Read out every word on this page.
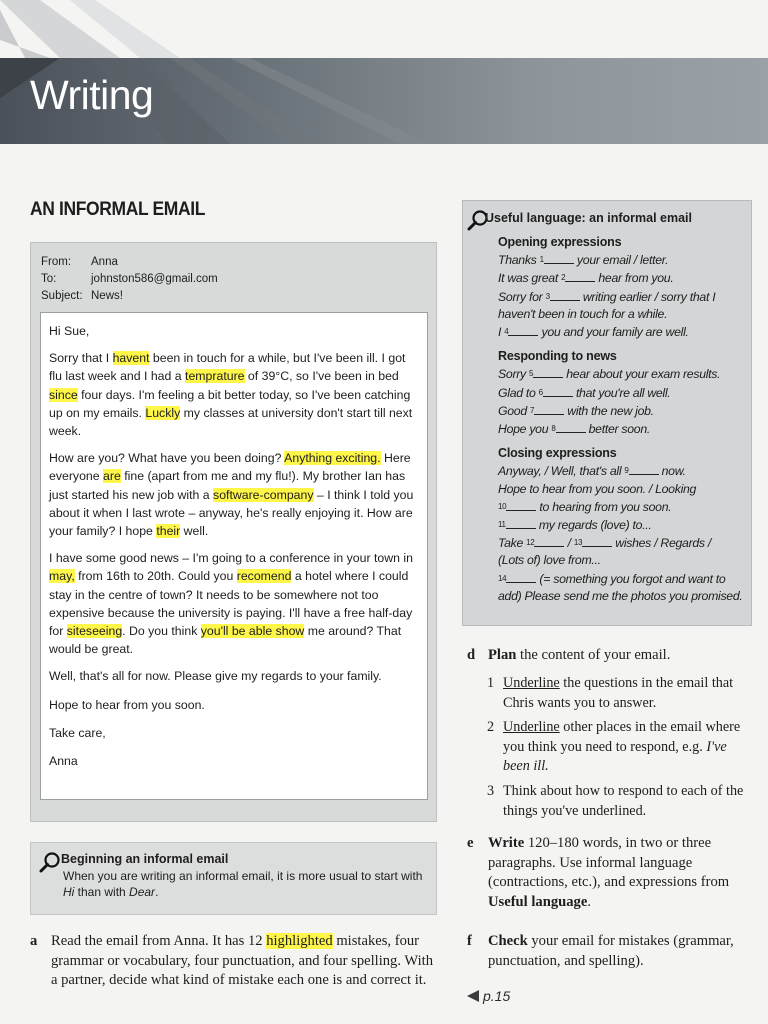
Writing
AN INFORMAL EMAIL
From:	Anna
To:	johnston586@gmail.com
Subject: News!

Hi Sue,

Sorry that I havent been in touch for a while, but I've been ill. I got flu last week and I had a temprature of 39°C, so I've been in bed since four days. I'm feeling a bit better today, so I've been catching up on my emails. Luckly my classes at university don't start till next week.

How are you? What have you been doing? Anything exciting. Here everyone are fine (apart from me and my flu!). My brother Ian has just started his new job with a software-company – I think I told you about it when I last wrote – anyway, he's really enjoying it. How are your family? I hope their well.

I have some good news – I'm going to a conference in your town in may, from 16th to 20th. Could you recomend a hotel where I could stay in the centre of town? It needs to be somewhere not too expensive because the university is paying. I'll have a free half-day for siteseeing. Do you think you'll be able show me around? That would be great.

Well, that's all for now. Please give my regards to your family.

Hope to hear from you soon.

Take care,

Anna

Beginning an informal email
When you are writing an informal email, it is more usual to start with Hi than with Dear.
a Read the email from Anna. It has 12 highlighted mistakes, four grammar or vocabulary, four punctuation, and four spelling. With a partner, decide what kind of mistake each one is and correct it.
Useful language: an informal email
Opening expressions
Thanks 1 your email / letter.
It was great 2 hear from you.
Sorry for 3 writing earlier / sorry that I haven't been in touch for a while.
I 4 you and your family are well.
Responding to news
Sorry 5 hear about your exam results.
Glad to 6 that you're all well.
Good 7 with the new job.
Hope you 8 better soon.
Closing expressions
Anyway, / Well, that's all 9 now.
Hope to hear from you soon. / Looking
10 to hearing from you soon.
11 my regards (love) to...
Take 12 / 13 wishes / Regards /
(Lots of) love from...
14 (= something you forgot and want to add) Please send me the photos you promised.
d Plan the content of your email.
1 Underline the questions in the email that Chris wants you to answer.
2 Underline other places in the email where you think you need to respond, e.g. I've been ill.
3 Think about how to respond to each of the things you've underlined.
e Write 120–180 words, in two or three paragraphs. Use informal language (contractions, etc.), and expressions from Useful language.
f Check your email for mistakes (grammar, punctuation, and spelling).
p.15
